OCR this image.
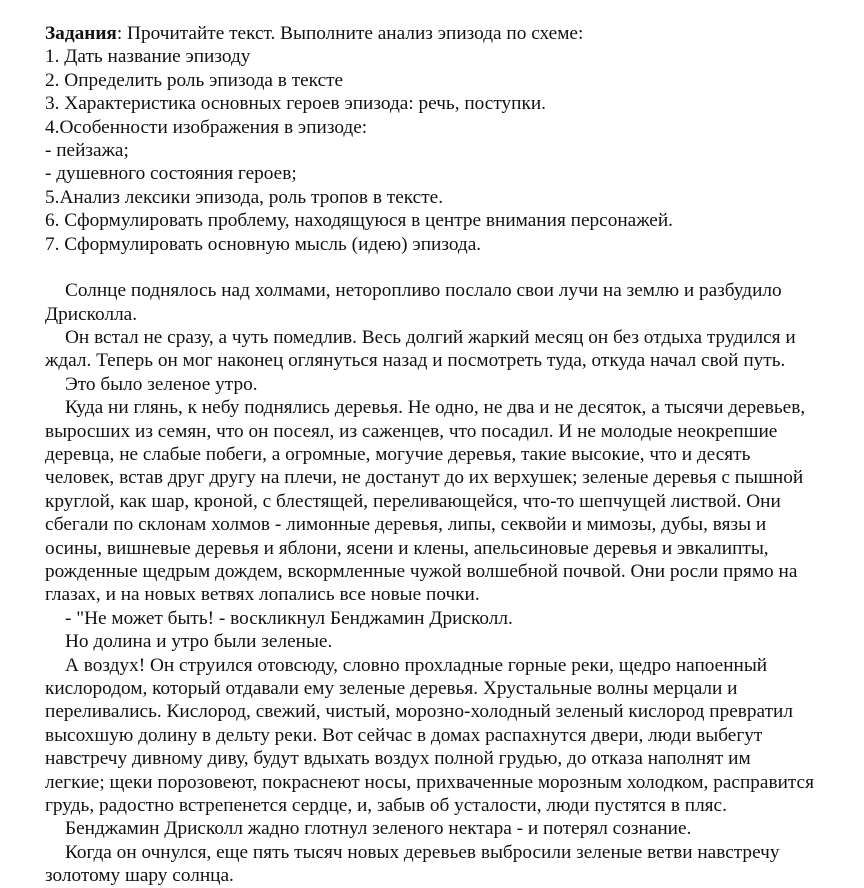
Задания: Прочитайте текст. Выполните анализ эпизода по схеме:
1. Дать название эпизоду
2. Определить роль эпизода в тексте
3. Характеристика основных героев эпизода: речь, поступки.
4.Особенности изображения в эпизоде:
- пейзажа;
- душевного состояния героев;
5.Анализ лексики эпизода, роль тропов в тексте.
6. Сформулировать проблему, находящуюся в центре внимания персонажей.
7. Сформулировать основную мысль (идею) эпизода.
Солнце поднялось над холмами, неторопливо послало свои лучи на землю и разбудило
Дрисколла.
Он встал не сразу, а чуть помедлив. Весь долгий жаркий месяц он без отдыха трудился и
ждал. Теперь он мог наконец оглянуться назад и посмотреть туда, откуда начал свой путь.
Это было зеленое утро.
Куда ни глянь, к небу поднялись деревья. Не одно, не два и не десяток, а тысячи деревьев,
выросших из семян, что он посеял, из саженцев, что посадил. И не молодые неокрепшие
деревца, не слабые побеги, а огромные, могучие деревья, такие высокие, что и десять
человек, встав друг другу на плечи, не достанут до их верхушек; зеленые деревья с пышной
круглой, как шар, кроной, с блестящей, переливающейся, что-то шепчущей листвой. Они
сбегали по склонам холмов - лимонные деревья, липы, секвойи и мимозы, дубы, вязы и
осины, вишневые деревья и яблони, ясени и клены, апельсиновые деревья и эвкалипты,
рожденные щедрым дождем, вскормленные чужой волшебной почвой. Они росли прямо на
глазах, и на новых ветвях лопались все новые почки.
- "Не может быть! - воскликнул Бенджамин Дрисколл.
Но долина и утро были зеленые.
А воздух! Он струился отовсюду, словно прохладные горные реки, щедро напоенный
кислородом, который отдавали ему зеленые деревья. Хрустальные волны мерцали и
переливались. Кислород, свежий, чистый, морозно-холодный зеленый кислород превратил
высохшую долину в дельту реки. Вот сейчас в домах распахнутся двери, люди выбегут
навстречу дивному диву, будут вдыхать воздух полной грудью, до отказа наполнят им
легкие; щеки порозовеют, покраснеют носы, прихваченные морозным холодком, расправится
грудь, радостно встрепенется сердце, и, забыв об усталости, люди пустятся в пляс.
Бенджамин Дрисколл жадно глотнул зеленого нектара - и потерял сознание.
Когда он очнулся, еще пять тысяч новых деревьев выбросили зеленые ветви навстречу
золотому шару солнца.
